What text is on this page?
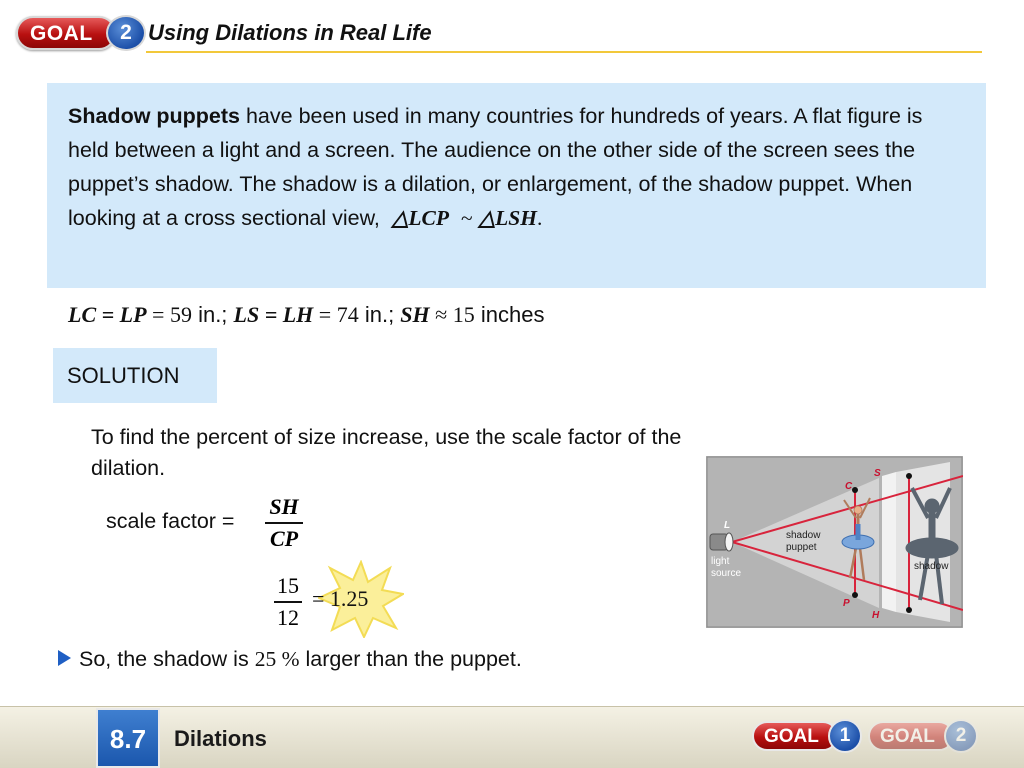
GOAL	2 Using Dilations in Real Life
Shadow puppets have been used in many countries for hundreds of years. A flat figure is held between a light and a screen. The audience on the other side of the screen sees the puppet’s shadow. The shadow is a dilation, or enlargement, of the shadow puppet. When looking at a cross sectional view, △LCP ~ △LSH.
LC = LP = 59 in.; LS = LH = 74 in.; SH ≈ 15 inches
SOLUTION
To find the percent of size increase, use the scale factor of the dilation.
scale factor =
SH
CP
15
12
= 1.25
So, the shadow is 25 % larger than the puppet.
C
S
L
P
H
shadow
puppet
light
source
shadow
8.7	Dilations	GOAL	1	GOAL	2
